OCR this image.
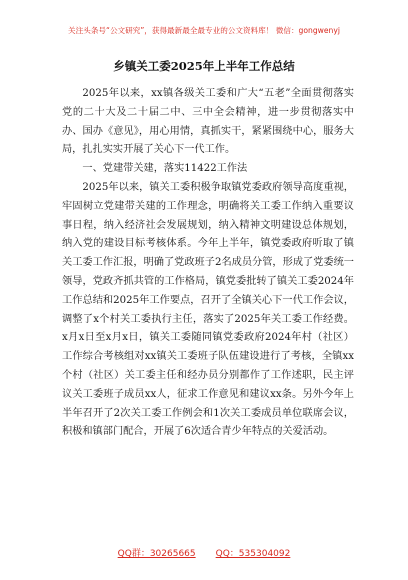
关注头条号“公文研究”，获得最新最全最专业的公文资料库！ 微信：gongwenyj
乡镇关工委2025年上半年工作总结

2025年以来，xx镇各级关工委和广大“五老”全面贯彻落实党的二十大及二十届二中、三中全会精神，进一步贯彻落实中办、国办《意见》，用心用情，真抓实干，紧紧围绕中心，服务大局，扎扎实实开展了关心下一代工作。

一、党建带关建，落实11422工作法

2025年以来，镇关工委积极争取镇党委政府领导高度重视，牢固树立党建带关建的工作理念，明确将关工委工作纳入重要议事日程，纳入经济社会发展规划，纳入精神文明建设总体规划，纳入党的建设目标考核体系。今年上半年，镇党委政府听取了镇关工委工作汇报，明确了党政班子2名成员分管，形成了党委统一领导，党政齐抓共管的工作格局，镇党委批转了镇关工委2024年工作总结和2025年工作要点，召开了全镇关心下一代工作会议，调整了x个村关工委执行主任，落实了2025年关工委工作经费。x月x日至x月x日，镇关工委随同镇党委政府2024年村（社区）工作综合考核组对xx镇关工委班子队伍建设进行了考核，全镇xx个村（社区）关工委主任和经办员分别都作了工作述职，民主评议关工委班子成员xx人，征求工作意见和建议xx条。另外今年上半年召开了2次关工委工作例会和1次关工委成员单位联席会议，积极和镇部门配合，开展了6次适合青少年特点的关爱活动。

QQ群：30265665 QQ：535304092
